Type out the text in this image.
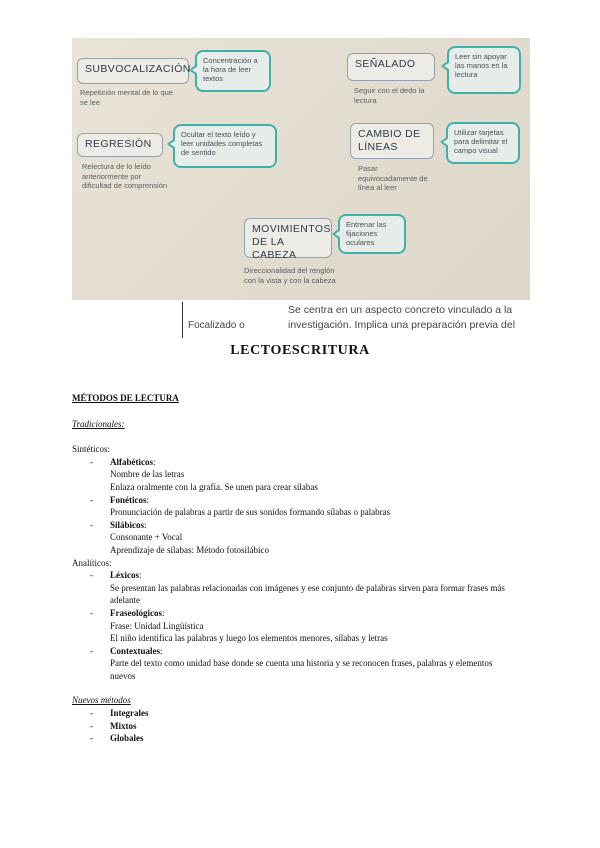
SUBVOCALIZACIÓN
Repetición mental de lo que se lee
Concentración a la hora de leer textos
REGRESIÓN
Relectura de lo leído anteriormente por dificultad de comprensión
Ocultar el texto leído y leer unidades completas de sentido
SEÑALADO
Seguir con el dedo la lectura
Leer sin apoyar las manos en la lectura
CAMBIO DE LÍNEAS
Pasar equivocadamente de línea al leer
Utilizar tarjetas para delimitar el campo visual
MOVIMIENTOS DE LA CABEZA
Direccionalidad del renglón con la vista y con la cabeza
Entrenar las fijaciones oculares
Focalizado o
Se centra en un aspecto concreto vinculado a la investigación. Implica una preparación previa del
LECTOESCRITURA
MÉTODOS DE LECTURA
Tradicionales:
Sintéticos:
- Alfabéticos:
Nombre de las letras
Enlaza oralmente con la grafía. Se unen para crear sílabas
- Fonéticos:
Pronunciación de palabras a partir de sus sonidos formando sílabas o palabras
- Silábicos:
Consonante + Vocal
Aprendizaje de sílabas: Método fotosilábico
Analíticos:
- Léxicos:
Se presentan las palabras relacionadas con imágenes y ese conjunto de palabras sirven para formar frases más adelante
- Fraseológicos:
Frase: Unidad Lingüística
El niño identifica las palabras y luego los elementos menores, sílabas y letras
- Contextuales:
Parte del texto como unidad base donde se cuenta una historia y se reconocen frases, palabras y elementos nuevos
Nuevos métodos
- Integrales
- Mixtos
- Globales
